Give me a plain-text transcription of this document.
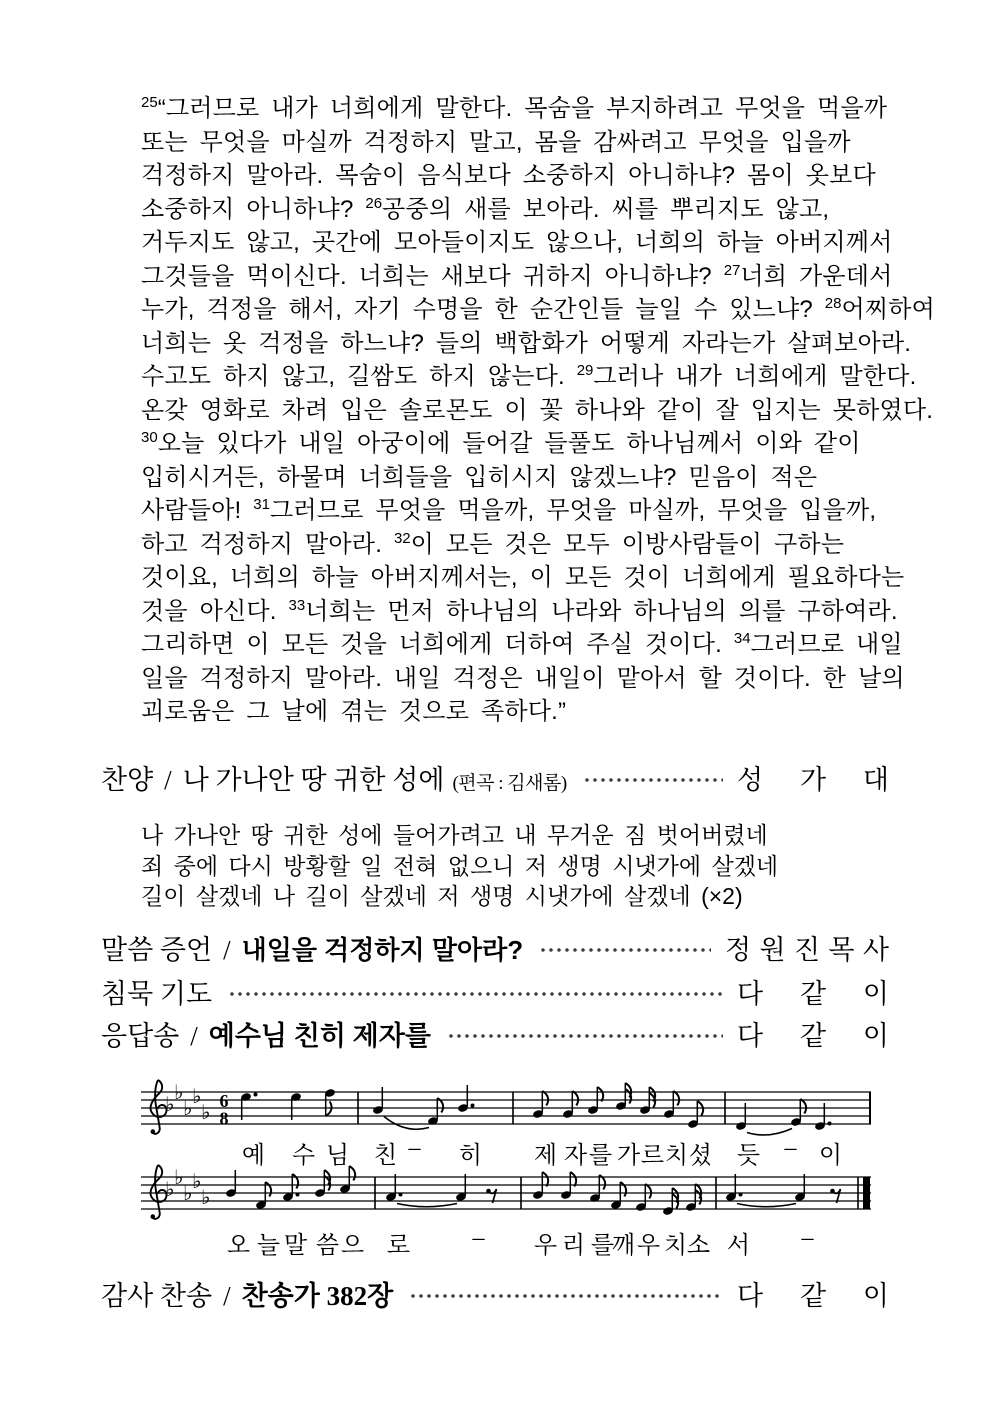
$^{25}$“그러므로 내가 너희에게 말한다. 목숨을 부지하려고 무엇을 먹을까
또는 무엇을 마실까 걱정하지 말고, 몸을 감싸려고 무엇을 입을까
걱정하지 말아라. 목숨이 음식보다 소중하지 아니하냐? 몸이 옷보다
소중하지 아니하냐? $^{26}$공중의 새를 보아라. 씨를 뿌리지도 않고,
거두지도 않고, 곳간에 모아들이지도 않으나, 너희의 하늘 아버지께서
그것들을 먹이신다. 너희는 새보다 귀하지 아니하냐? $^{27}$너희 가운데서
누가, 걱정을 해서, 자기 수명을 한 순간인들 늘일 수 있느냐? $^{28}$어찌하여
너희는 옷 걱정을 하느냐? 들의 백합화가 어떻게 자라는가 살펴보아라.
수고도 하지 않고, 길쌈도 하지 않는다. $^{29}$그러나 내가 너희에게 말한다.
온갖 영화로 차려 입은 솔로몬도 이 꽃 하나와 같이 잘 입지는 못하였다.
$^{30}$오늘 있다가 내일 아궁이에 들어갈 들풀도 하나님께서 이와 같이
입히시거든, 하물며 너희들을 입히시지 않겠느냐? 믿음이 적은
사람들아! $^{31}$그러므로 무엇을 먹을까, 무엇을 마실까, 무엇을 입을까,
하고 걱정하지 말아라. $^{32}$이 모든 것은 모두 이방사람들이 구하는
것이요, 너희의 하늘 아버지께서는, 이 모든 것이 너희에게 필요하다는
것을 아신다. $^{33}$너희는 먼저 하나님의 나라와 하나님의 의를 구하여라.
그리하면 이 모든 것을 너희에게 더하여 주실 것이다. $^{34}$그러므로 내일
일을 걱정하지 말아라. 내일 걱정은 내일이 맡아서 할 것이다. 한 날의
괴로움은 그 날에 겪는 것으로 족하다.”
찬양 / 나 가나안 땅 귀한 성에 (편곡 : 김새롬)	성 가 대
나 가나안 땅 귀한 성에 들어가려고 내 무거운 짐 벗어버렸네
죄 중에 다시 방황할 일 전혀 없으니 저 생명 시냇가에 살겠네
길이 살겠네 나 길이 살겠네 저 생명 시냇가에 살겠네 (×2)
말씀 증언 / 내일을 걱정하지 말아라?	정 원 진 목 사
침묵 기도	다 같 이
응답송 / 예수님 친히 제자를	다 같 이
♭ ♭
♭ ♭
♭ 6
8
예 수 님 친 – 히 제 자 를 가 르 치 셨 듯 – 이
♭ ♭
♭ ♭
♭
오 늘 말 씀 으 로	– 우 리 를
깨 우 치 소 서 –
감사 찬송 / 찬송가 382장	다 같 이
